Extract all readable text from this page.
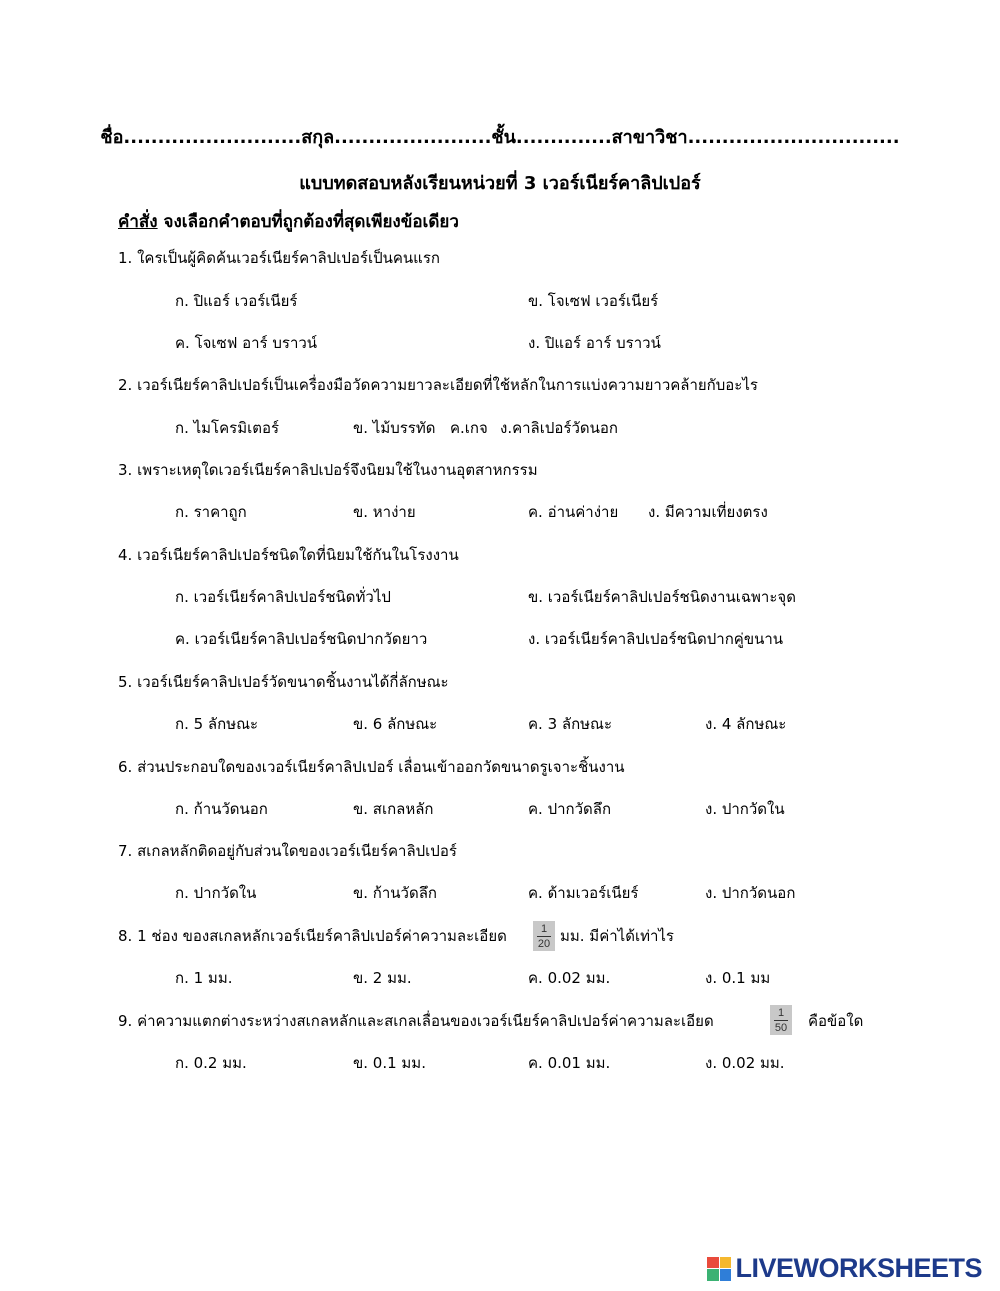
ชื่อ..........................สกุล.......................ชั้น..............สาขาวิชา...............................
แบบทดสอบหลังเรียนหน่วยที่ 3 เวอร์เนียร์คาลิปเปอร์
คำสั่ง จงเลือกคำตอบที่ถูกต้องที่สุดเพียงข้อเดียว
1. ใครเป็นผู้คิดค้นเวอร์เนียร์คาลิปเปอร์เป็นคนแรก
ก. ปิแอร์ เวอร์เนียร์	ข. โจเซฟ เวอร์เนียร์
ค. โจเซฟ อาร์ บราวน์	ง. ปิแอร์ อาร์ บราวน์
2. เวอร์เนียร์คาลิปเปอร์เป็นเครื่องมือวัดความยาวละเอียดที่ใช้หลักในการแบ่งความยาวคล้ายกับอะไร
ก. ไมโครมิเตอร์	ข. ไม้บรรทัด ค.เกจ ง.คาลิเปอร์วัดนอก
3. เพราะเหตุใดเวอร์เนียร์คาลิปเปอร์จึงนิยมใช้ในงานอุตสาหกรรม
ก. ราคาถูก	ข. หาง่าย	ค. อ่านค่าง่าย ง. มีความเที่ยงตรง
4. เวอร์เนียร์คาลิปเปอร์ชนิดใดที่นิยมใช้กันในโรงงาน
ก. เวอร์เนียร์คาลิปเปอร์ชนิดทั่วไป	ข. เวอร์เนียร์คาลิปเปอร์ชนิดงานเฉพาะจุด
ค. เวอร์เนียร์คาลิปเปอร์ชนิดปากวัดยาว	ง. เวอร์เนียร์คาลิปเปอร์ชนิดปากคู่ขนาน
5. เวอร์เนียร์คาลิปเปอร์วัดขนาดชิ้นงานได้กี่ลักษณะ
ก. 5 ลักษณะ	ข. 6 ลักษณะ	ค. 3 ลักษณะ	ง. 4 ลักษณะ
6. ส่วนประกอบใดของเวอร์เนียร์คาลิปเปอร์ เลื่อนเข้าออกวัดขนาดรูเจาะชิ้นงาน
ก. ก้านวัดนอก	ข. สเกลหลัก	ค. ปากวัดลึก	ง. ปากวัดใน
7. สเกลหลักติดอยู่กับส่วนใดของเวอร์เนียร์คาลิปเปอร์
ก. ปากวัดใน	ข. ก้านวัดลึก	ค. ด้ามเวอร์เนียร์	ง. ปากวัดนอก
8. 1 ช่อง ของสเกลหลักเวอร์เนียร์คาลิปเปอร์ค่าความละเอียด	1
20 มม. มีค่าได้เท่าไร
ก. 1 มม.	ข. 2 มม.	ค. 0.02 มม.	ง. 0.1 มม
9. ค่าความแตกต่างระหว่างสเกลหลักและสเกลเลื่อนของเวอร์เนียร์คาลิปเปอร์ค่าความละเอียด	1
50 คือข้อใด
ก. 0.2 มม.	ข. 0.1 มม.	ค. 0.01 มม.	ง. 0.02 มม.
LIVEWORKSHEETS
